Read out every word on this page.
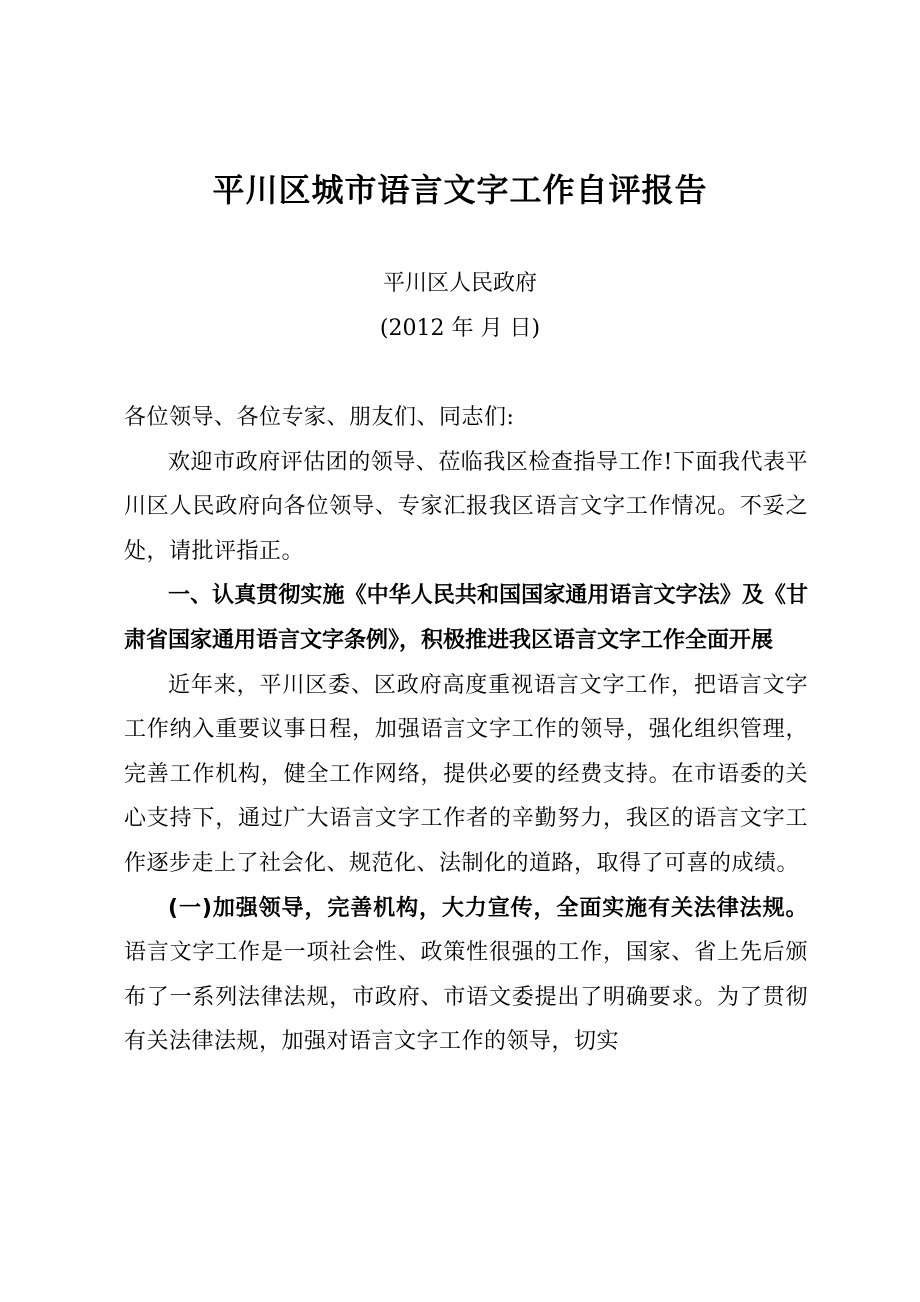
平川区城市语言文字工作自评报告
平川区人民政府
(2012 年 月 日)

各位领导、各位专家、朋友们、同志们:

欢迎市政府评估团的领导、莅临我区检查指导工作!下面我代表平川区人民政府向各位领导、专家汇报我区语言文字工作情况。不妥之处，请批评指正。

一、认真贯彻实施《中华人民共和国国家通用语言文字法》及《甘肃省国家通用语言文字条例》，积极推进我区语言文字工作全面开展

近年来，平川区委、区政府高度重视语言文字工作，把语言文字工作纳入重要议事日程，加强语言文字工作的领导，强化组织管理，完善工作机构，健全工作网络，提供必要的经费支持。在市语委的关心支持下，通过广大语言文字工作者的辛勤努力，我区的语言文字工作逐步走上了社会化、规范化、法制化的道路，取得了可喜的成绩。

(一)加强领导，完善机构，大力宣传，全面实施有关法律法规。语言文字工作是一项社会性、政策性很强的工作，国家、省上先后颁布了一系列法律法规，市政府、市语文委提出了明确要求。为了贯彻有关法律法规，加强对语言文字工作的领导，切实
